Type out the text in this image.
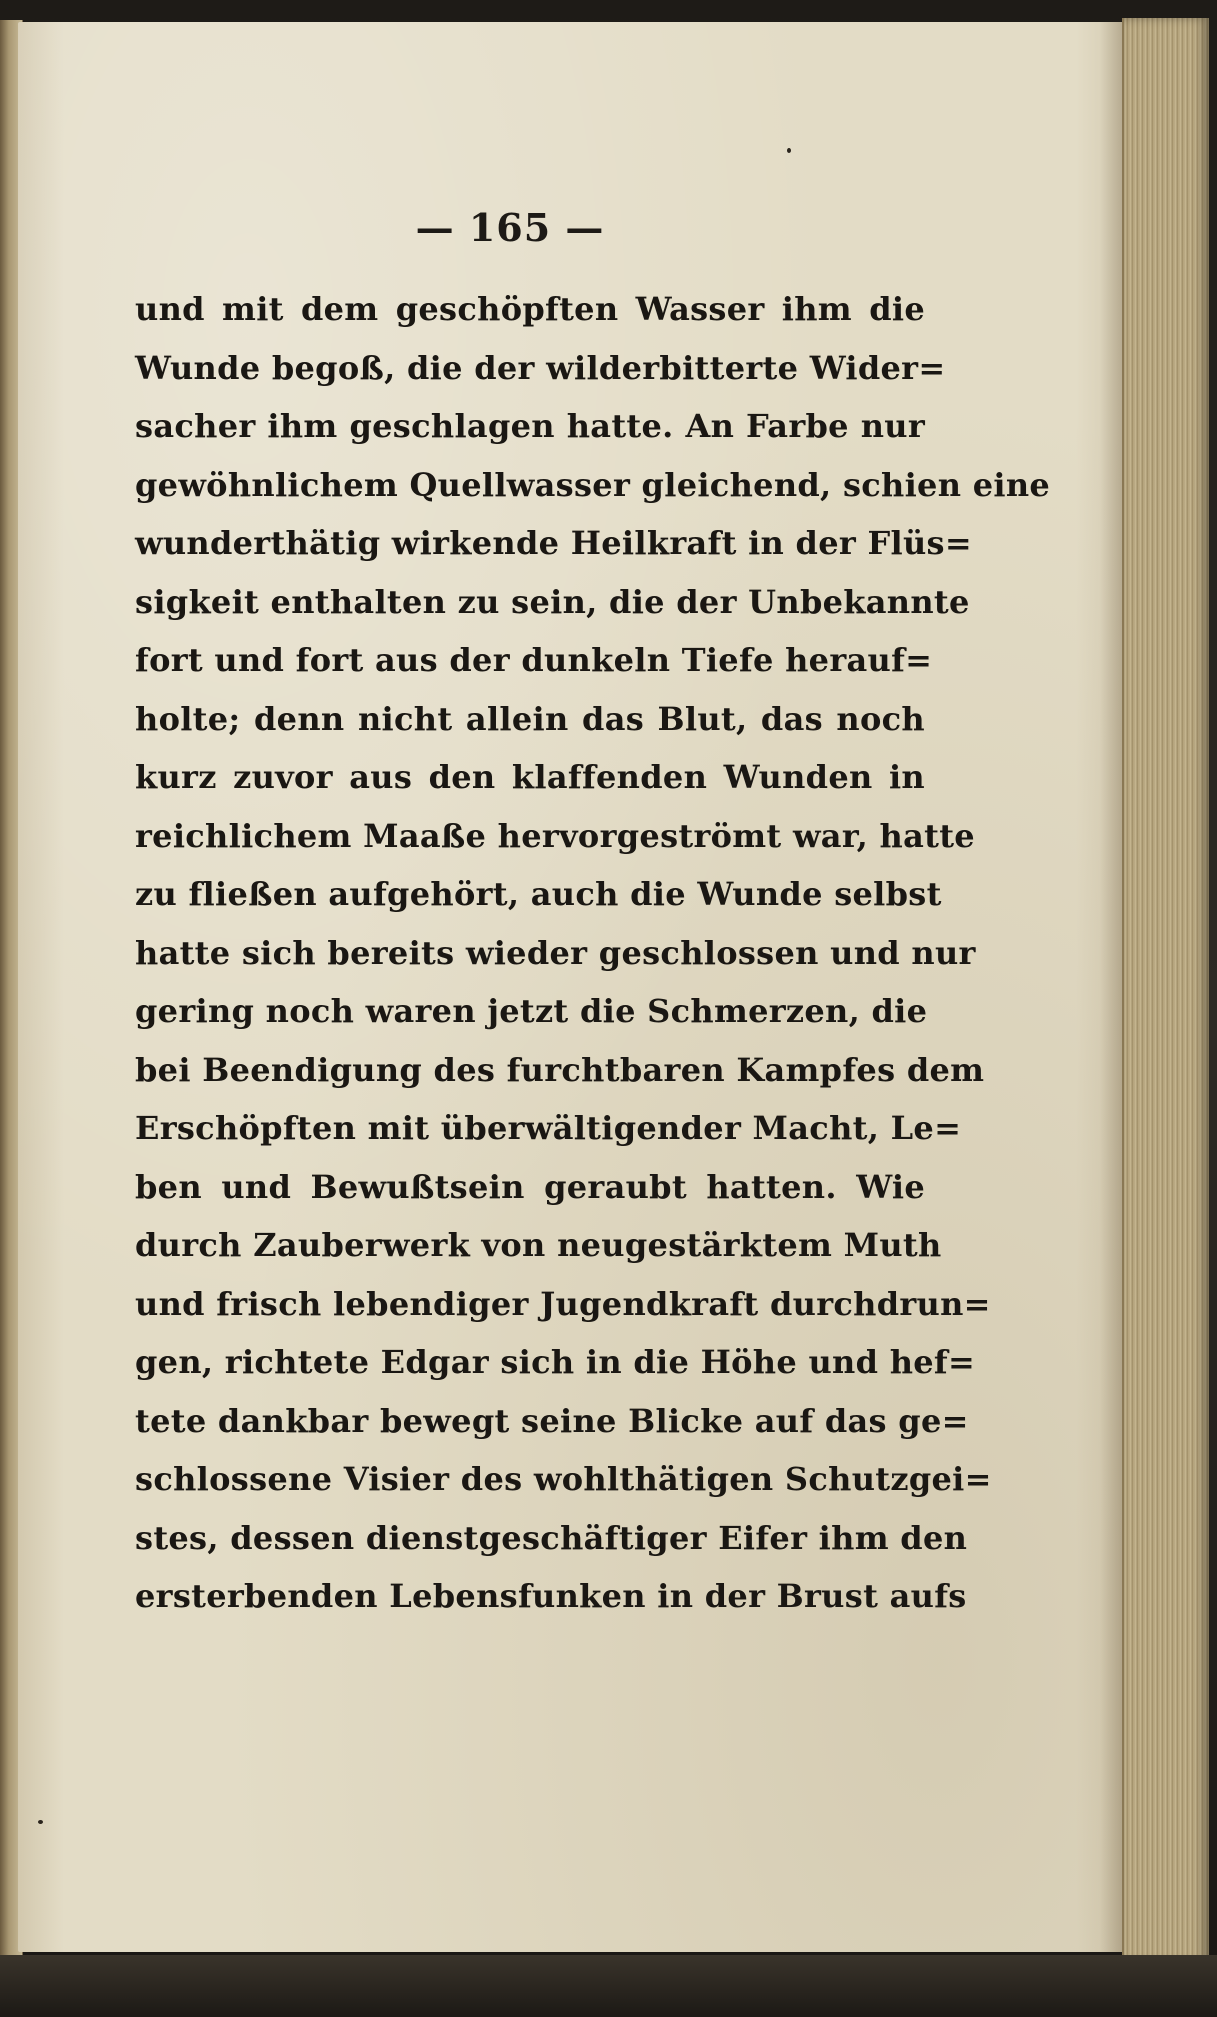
— 165 —
und mit dem geschöpften Wasser ihm die
Wunde begoß, die der wilderbitterte Wider=
sacher ihm geschlagen hatte. An Farbe nur
gewöhnlichem Quellwasser gleichend, schien eine
wunderthätig wirkende Heilkraft in der Flüs=
sigkeit enthalten zu sein, die der Unbekannte
fort und fort aus der dunkeln Tiefe herauf=
holte; denn nicht allein das Blut, das noch
kurz zuvor aus den klaffenden Wunden in
reichlichem Maaße hervorgeströmt war, hatte
zu fließen aufgehört, auch die Wunde selbst
hatte sich bereits wieder geschlossen und nur
gering noch waren jetzt die Schmerzen, die
bei Beendigung des furchtbaren Kampfes dem
Erschöpften mit überwältigender Macht, Le=
ben und Bewußtsein geraubt hatten. Wie
durch Zauberwerk von neugestärktem Muth
und frisch lebendiger Jugendkraft durchdrun=
gen, richtete Edgar sich in die Höhe und hef=
tete dankbar bewegt seine Blicke auf das ge=
schlossene Visier des wohlthätigen Schutzgei=
stes, dessen dienstgeschäftiger Eifer ihm den
ersterbenden Lebensfunken in der Brust aufs
